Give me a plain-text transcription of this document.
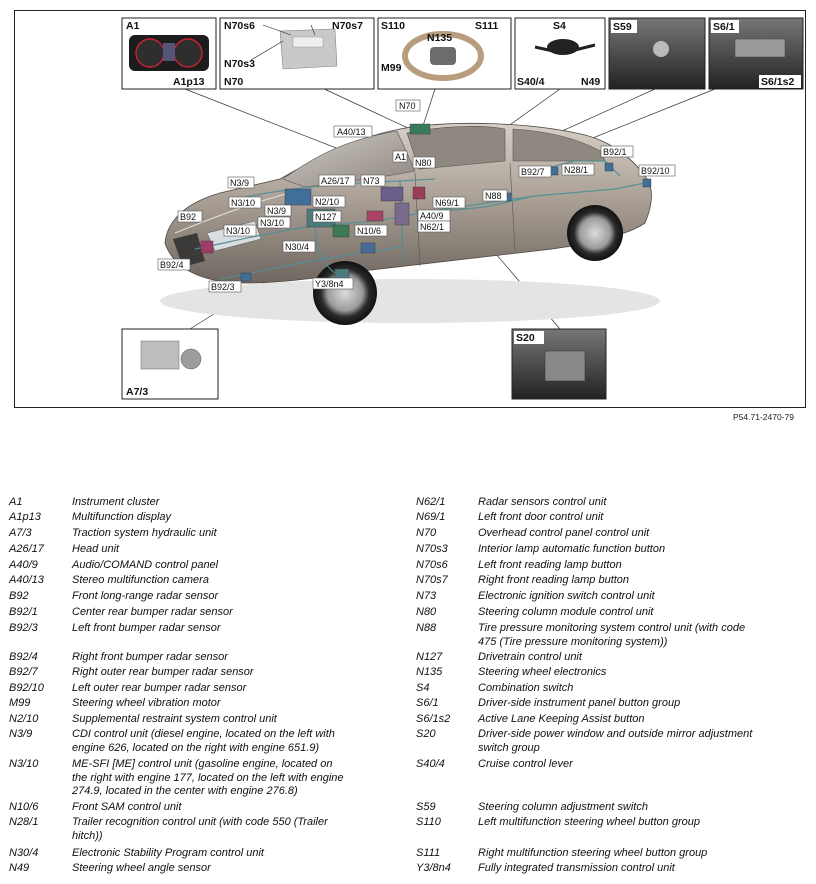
N70
A40/13
A1
N80
N3/9	A26/17 N73
N3/10	N2/10	N69/1
N3/9
N127	A40/9
N3/10	N62/1
B92
N10/6
N3/10
N30/4
B92/4
B92/3	Y3/8n4
B92/1
B92/7 N28/1	B92/10
N88
A1
A1p13
N70s6	N70s7
N70s3
N70
S110	S111
N135
M99
S4
S40/4	N49
S59	S6/1
S6/1s2
A7/3
S20
P54.71-2470-79
A1	Instrument cluster
A1p13	Multifunction display
A7/3	Traction system hydraulic unit
A26/17	Head unit
A40/9	Audio/COMAND control panel
A40/13	Stereo multifunction camera
B92	Front long-range radar sensor
B92/1	Center rear bumper radar sensor
B92/3	Left front bumper radar sensor
B92/4	Right front bumper radar sensor
B92/7	Right outer rear bumper radar sensor
B92/10	Left outer rear bumper radar sensor
M99	Steering wheel vibration motor
N2/10	Supplemental restraint system control unit
N3/9	CDI control unit (diesel engine, located on the left with
engine 626, located on the right with engine 651.9)
N3/10	ME-SFI [ME] control unit (gasoline engine, located on
the right with engine 177, located on the left with engine
274.9, located in the center with engine 276.8)
N10/6	Front SAM control unit
N28/1	Trailer recognition control unit (with code 550 (Trailer
hitch))
N30/4	Electronic Stability Program control unit
N49	Steering wheel angle sensor
N62/1	Radar sensors control unit
N69/1	Left front door control unit
N70	Overhead control panel control unit
N70s3	Interior lamp automatic function button
N70s6	Left front reading lamp button
N70s7	Right front reading lamp button
N73	Electronic ignition switch control unit
N80	Steering column module control unit
N88	Tire pressure monitoring system control unit (with code
475 (Tire pressure monitoring system))
N127	Drivetrain control unit
N135	Steering wheel electronics
S4	Combination switch
S6/1	Driver-side instrument panel button group
S6/1s2	Active Lane Keeping Assist button
S20	Driver-side power window and outside mirror adjustment
switch group
S40/4	Cruise control lever
S59	Steering column adjustment switch
S110	Left multifunction steering wheel button group
S111	Right multifunction steering wheel button group
Y3/8n4	Fully integrated transmission control unit
